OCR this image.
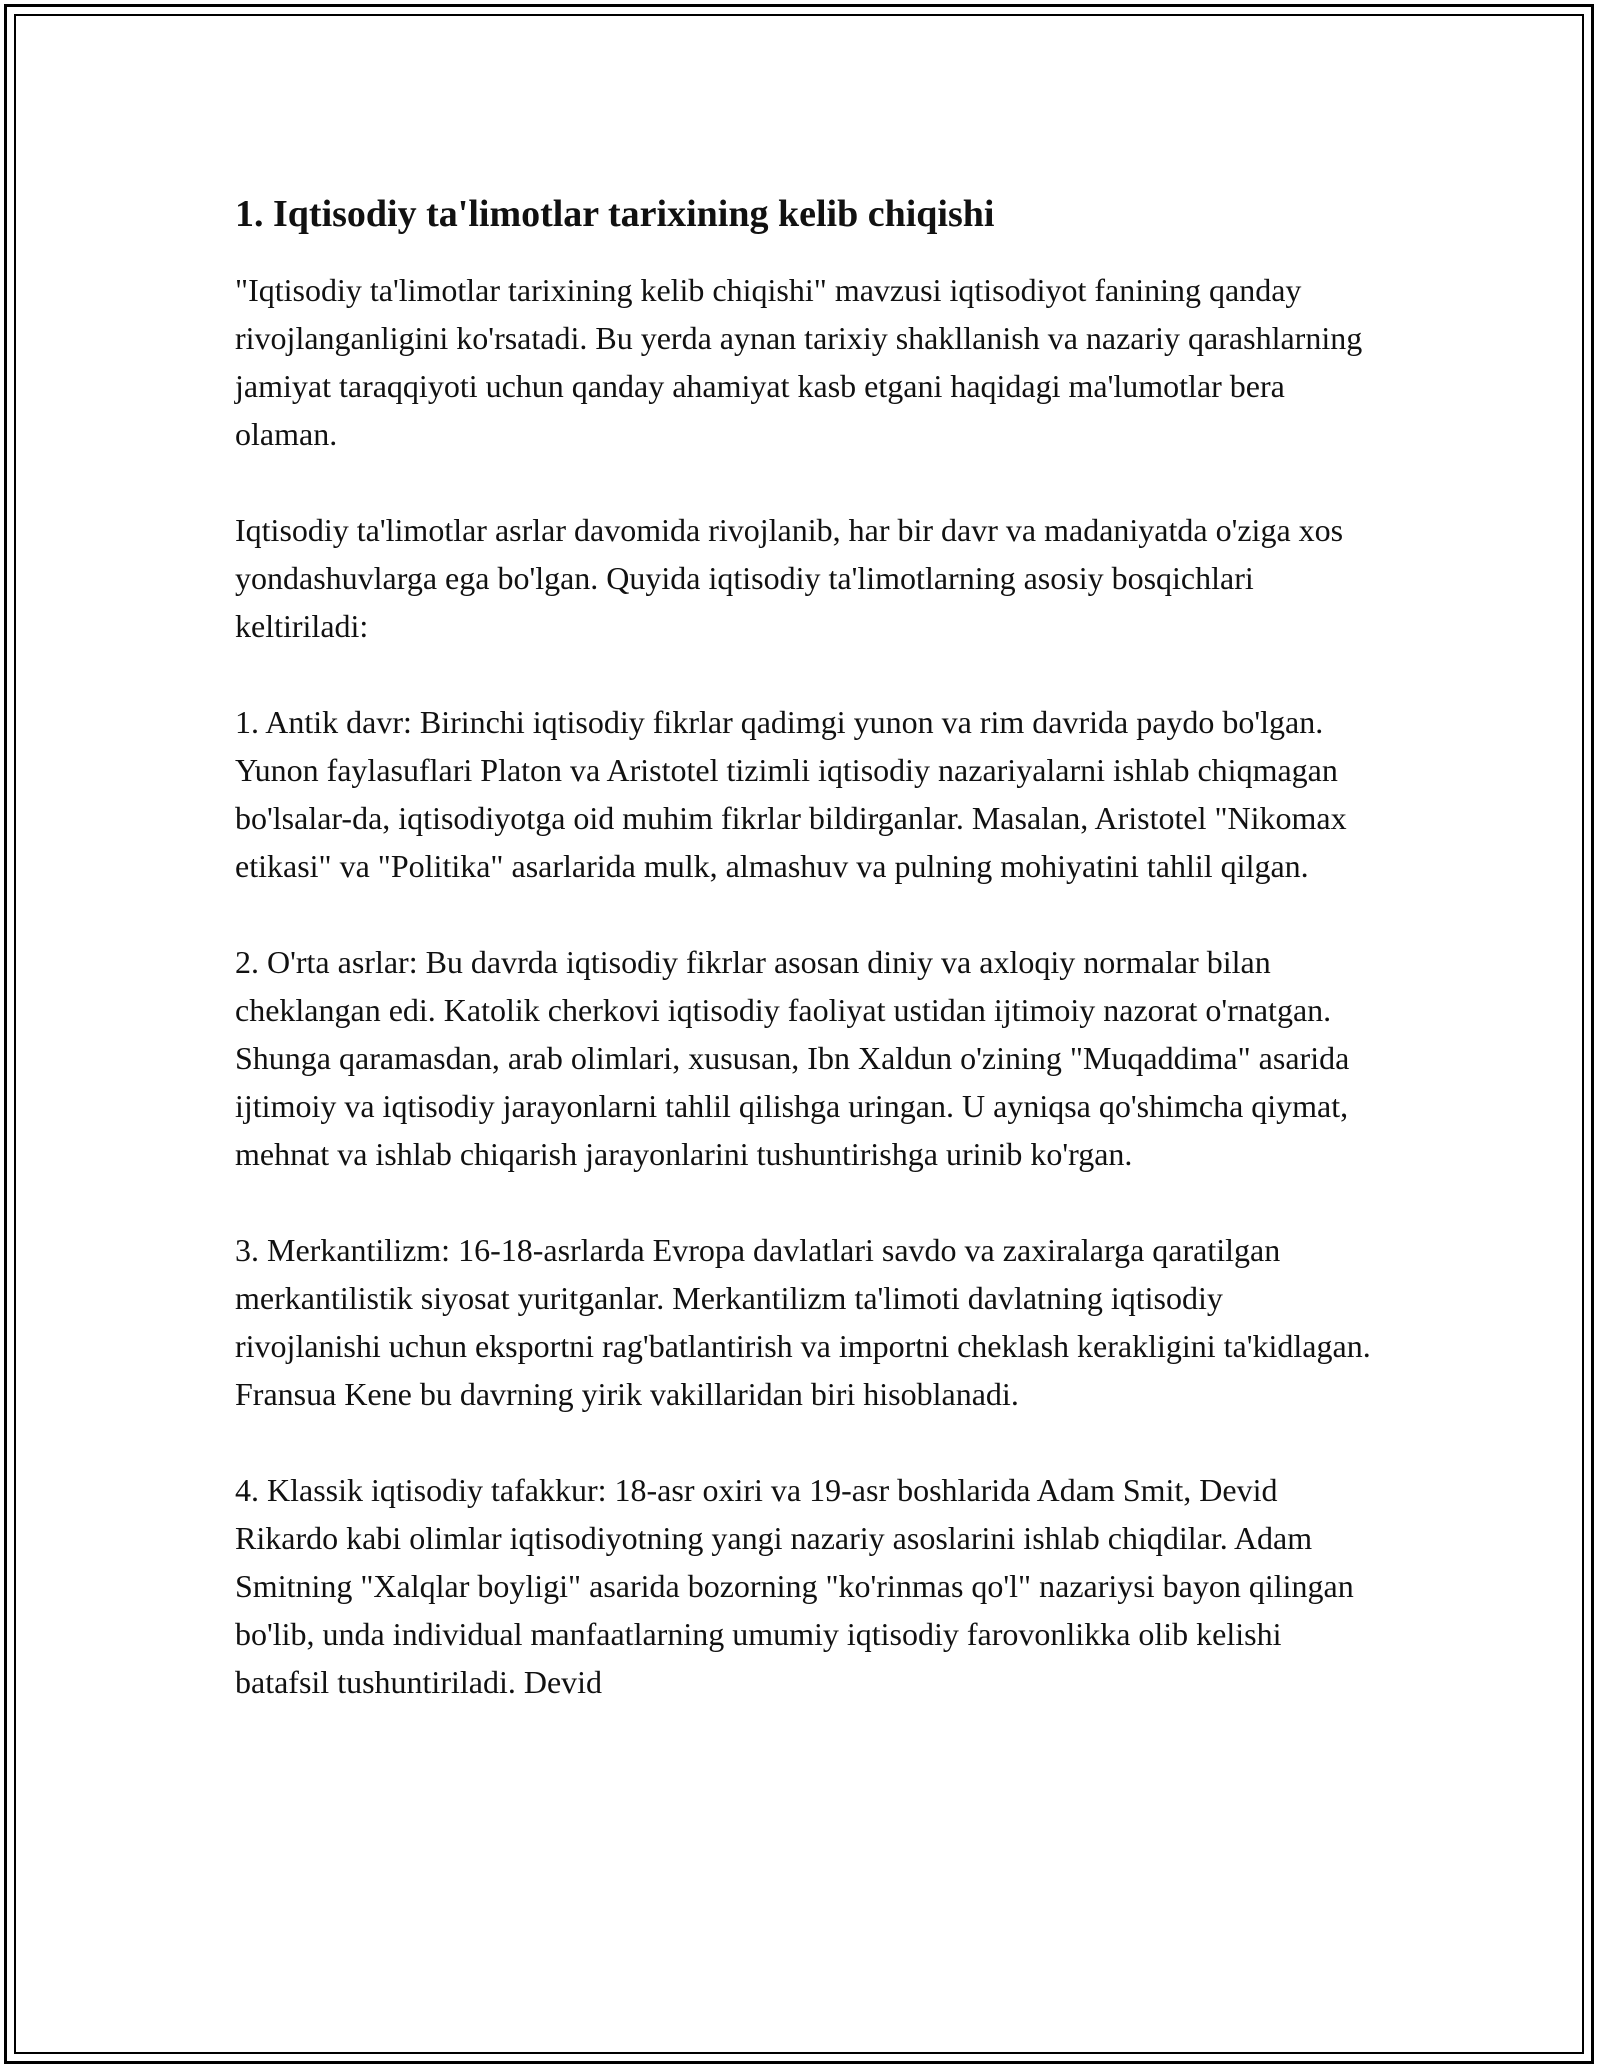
1. Iqtisodiy ta'limotlar tarixining kelib chiqishi

"Iqtisodiy ta'limotlar tarixining kelib chiqishi" mavzusi iqtisodiyot fanining qanday rivojlanganligini ko'rsatadi. Bu yerda aynan tarixiy shakllanish va nazariy qarashlarning jamiyat taraqqiyoti uchun qanday ahamiyat kasb etgani haqidagi ma'lumotlar bera olaman.

Iqtisodiy ta'limotlar asrlar davomida rivojlanib, har bir davr va madaniyatda o'ziga xos yondashuvlarga ega bo'lgan. Quyida iqtisodiy ta'limotlarning asosiy bosqichlari keltiriladi:

1. Antik davr: Birinchi iqtisodiy fikrlar qadimgi yunon va rim davrida paydo bo'lgan. Yunon faylasuflari Platon va Aristotel tizimli iqtisodiy nazariyalarni ishlab chiqmagan bo'lsalar-da, iqtisodiyotga oid muhim fikrlar bildirganlar. Masalan, Aristotel "Nikomax etikasi" va "Politika" asarlarida mulk, almashuv va pulning mohiyatini tahlil qilgan.

2. O'rta asrlar: Bu davrda iqtisodiy fikrlar asosan diniy va axloqiy normalar bilan cheklangan edi. Katolik cherkovi iqtisodiy faoliyat ustidan ijtimoiy nazorat o'rnatgan. Shunga qaramasdan, arab olimlari, xususan, Ibn Xaldun o'zining "Muqaddima" asarida ijtimoiy va iqtisodiy jarayonlarni tahlil qilishga uringan. U ayniqsa qo'shimcha qiymat, mehnat va ishlab chiqarish jarayonlarini tushuntirishga urinib ko'rgan.

3. Merkantilizm: 16-18-asrlarda Evropa davlatlari savdo va zaxiralarga qaratilgan merkantilistik siyosat yuritganlar. Merkantilizm ta'limoti davlatning iqtisodiy rivojlanishi uchun eksportni rag'batlantirish va importni cheklash kerakligini ta'kidlagan. Fransua Kene bu davrning yirik vakillaridan biri hisoblanadi.

4. Klassik iqtisodiy tafakkur: 18-asr oxiri va 19-asr boshlarida Adam Smit, Devid Rikardo kabi olimlar iqtisodiyotning yangi nazariy asoslarini ishlab chiqdilar. Adam Smitning "Xalqlar boyligi" asarida bozorning "ko'rinmas qo'l" nazariysi bayon qilingan bo'lib, unda individual manfaatlarning umumiy iqtisodiy farovonlikka olib kelishi batafsil tushuntiriladi. Devid
